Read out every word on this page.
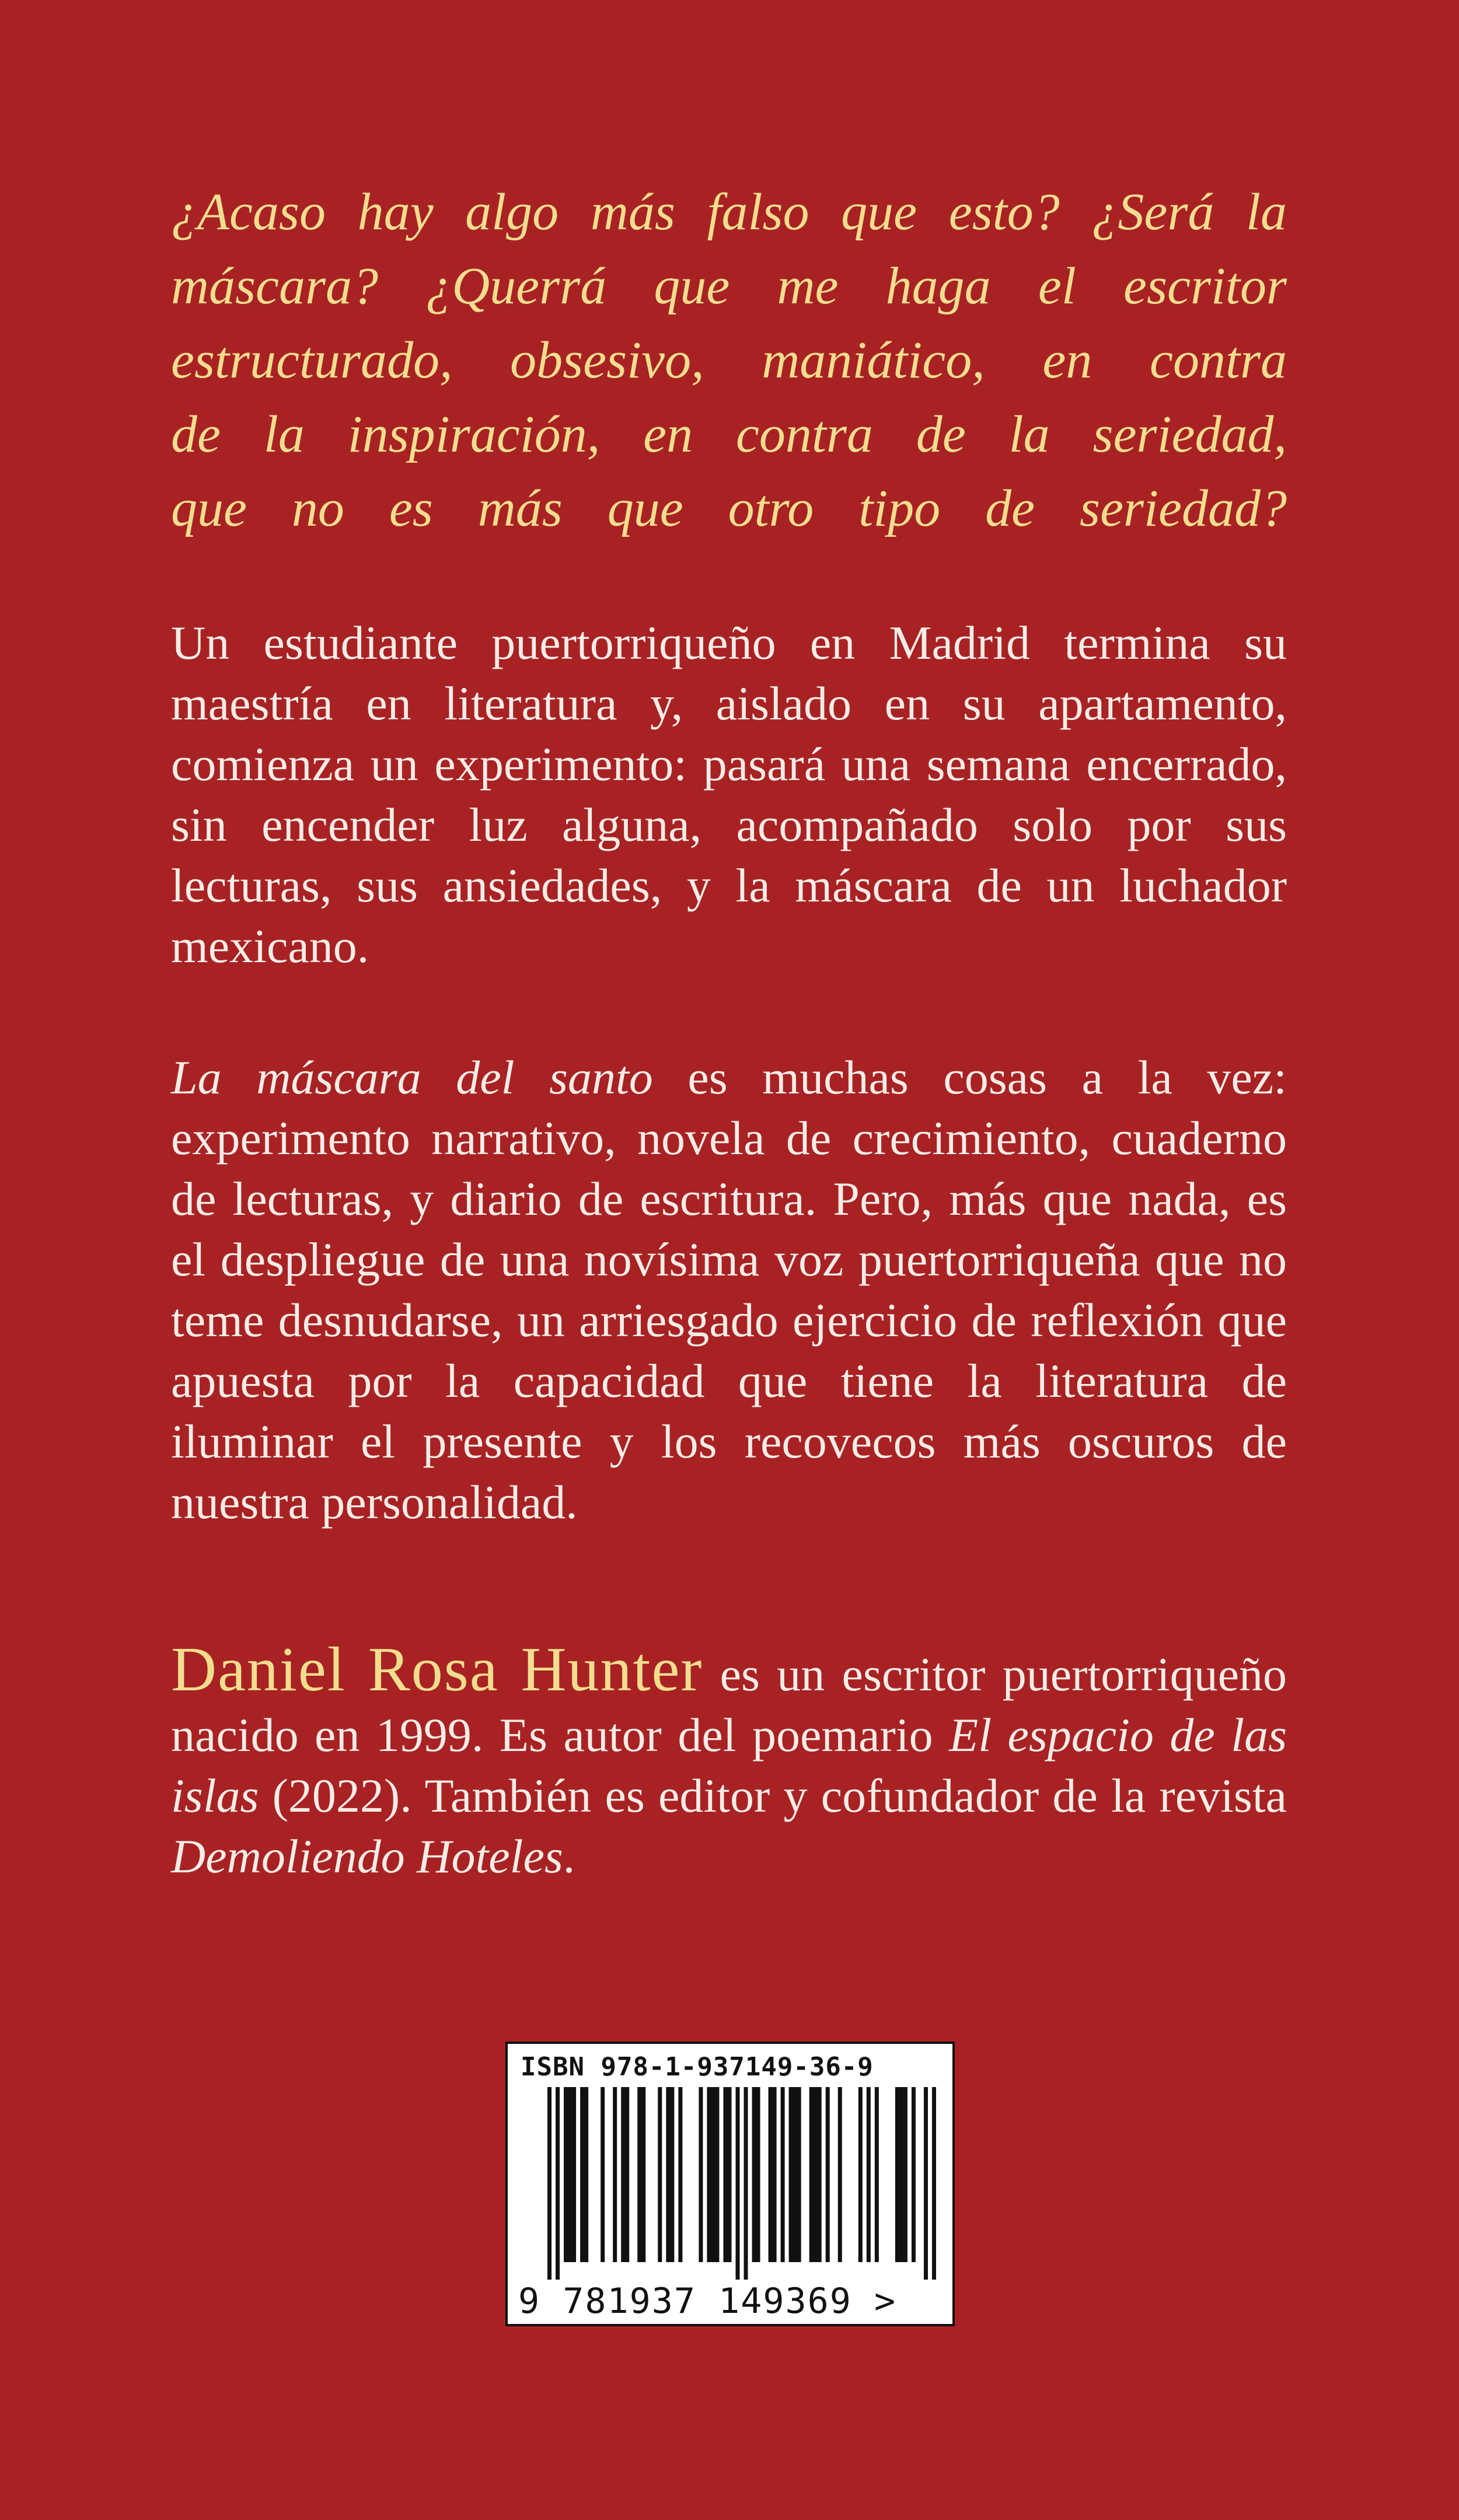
¿Acaso hay algo más falso que esto? ¿Será la
máscara? ¿Querrá que me haga el escritor
estructurado, obsesivo, maniático, en contra
de la inspiración, en contra de la seriedad,
que no es más que otro tipo de seriedad?

Un estudiante puertorriqueño en Madrid termina su maestría en literatura y, aislado en su apartamento, comienza un experimento: pasará una semana encerrado, sin encender luz alguna, acompañado solo por sus lecturas, sus ansiedades, y la máscara de un luchador mexicano.

La máscara del santo es muchas cosas a la vez: experimento narrativo, novela de crecimiento, cuaderno de lecturas, y diario de escritura. Pero, más que nada, es el despliegue de una novísima voz puertorriqueña que no teme desnudarse, un arriesgado ejercicio de reflexión que apuesta por la capacidad que tiene la literatura de iluminar el presente y los recovecos más oscuros de nuestra personalidad.

Daniel Rosa Hunter es un escritor puertorriqueño nacido en 1999. Es autor del poemario El espacio de las islas (2022). También es editor y cofundador de la revista Demoliendo Hoteles.

ISBN 978-1-937149-36-9
9 781937 149369 >
